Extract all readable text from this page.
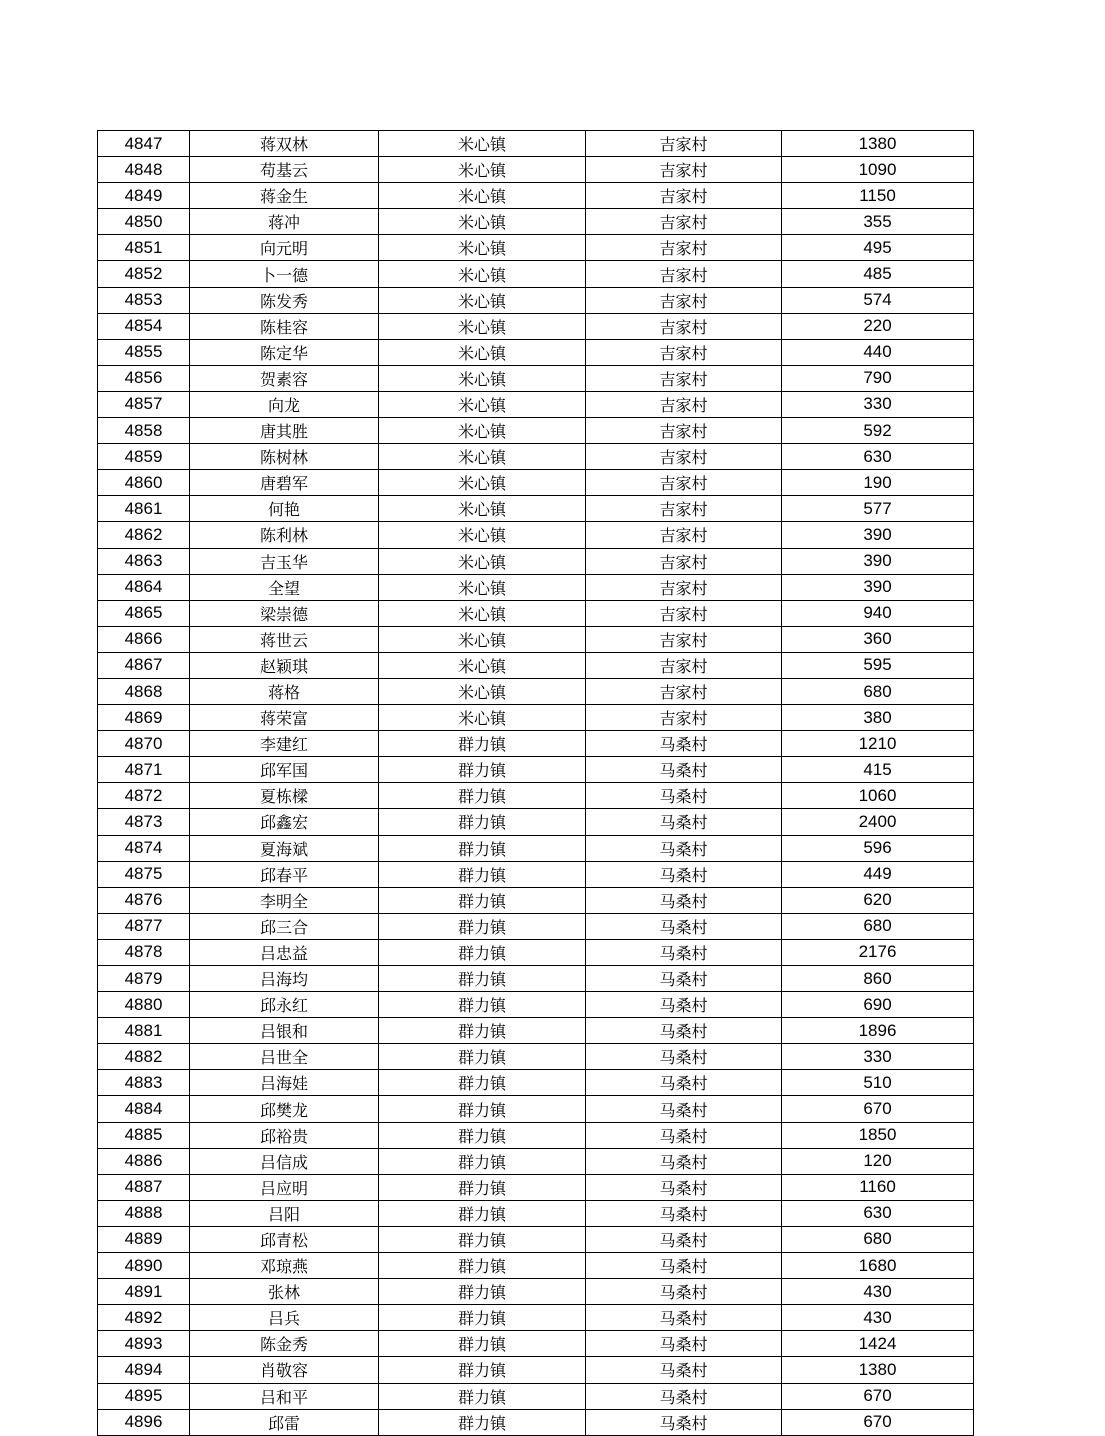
4847	蒋双林	米心镇	吉家村	1380
4848	苟基云	米心镇	吉家村	1090
4849	蒋金生	米心镇	吉家村	1150
4850	蒋冲	米心镇	吉家村	355
4851	向元明	米心镇	吉家村	495
4852	卜一德	米心镇	吉家村	485
4853	陈发秀	米心镇	吉家村	574
4854	陈桂容	米心镇	吉家村	220
4855	陈定华	米心镇	吉家村	440
4856	贺素容	米心镇	吉家村	790
4857	向龙	米心镇	吉家村	330
4858	唐其胜	米心镇	吉家村	592
4859	陈树林	米心镇	吉家村	630
4860	唐碧军	米心镇	吉家村	190
4861	何艳	米心镇	吉家村	577
4862	陈利林	米心镇	吉家村	390
4863	吉玉华	米心镇	吉家村	390
4864	全望	米心镇	吉家村	390
4865	梁崇德	米心镇	吉家村	940
4866	蒋世云	米心镇	吉家村	360
4867	赵颖琪	米心镇	吉家村	595
4868	蒋格	米心镇	吉家村	680
4869	蒋荣富	米心镇	吉家村	380
4870	李建红	群力镇	马桑村	1210
4871	邱军国	群力镇	马桑村	415
4872	夏栋樑	群力镇	马桑村	1060
4873	邱鑫宏	群力镇	马桑村	2400
4874	夏海斌	群力镇	马桑村	596
4875	邱春平	群力镇	马桑村	449
4876	李明全	群力镇	马桑村	620
4877	邱三合	群力镇	马桑村	680
4878	吕忠益	群力镇	马桑村	2176
4879	吕海均	群力镇	马桑村	860
4880	邱永红	群力镇	马桑村	690
4881	吕银和	群力镇	马桑村	1896
4882	吕世全	群力镇	马桑村	330
4883	吕海娃	群力镇	马桑村	510
4884	邱樊龙	群力镇	马桑村	670
4885	邱裕贵	群力镇	马桑村	1850
4886	吕信成	群力镇	马桑村	120
4887	吕应明	群力镇	马桑村	1160
4888	吕阳	群力镇	马桑村	630
4889	邱青松	群力镇	马桑村	680
4890	邓琼燕	群力镇	马桑村	1680
4891	张林	群力镇	马桑村	430
4892	吕兵	群力镇	马桑村	430
4893	陈金秀	群力镇	马桑村	1424
4894	肖敬容	群力镇	马桑村	1380
4895	吕和平	群力镇	马桑村	670
4896	邱雷	群力镇	马桑村	670
